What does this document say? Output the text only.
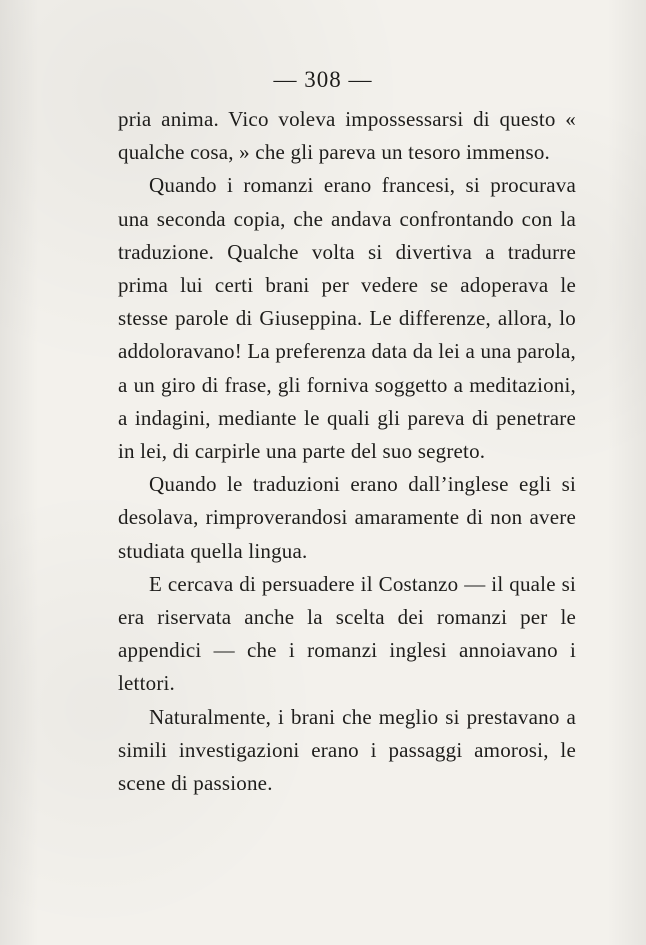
— 308 —

pria anima. Vico voleva impossessarsi di questo « qualche cosa, » che gli pareva un tesoro immenso.

Quando i romanzi erano francesi, si procurava una seconda copia, che andava confrontando con la traduzione. Qualche volta si divertiva a tradurre prima lui certi brani per vedere se adoperava le stesse parole di Giuseppina. Le differenze, allora, lo addoloravano! La preferenza data da lei a una parola, a un giro di frase, gli forniva soggetto a meditazioni, a indagini, mediante le quali gli pareva di penetrare in lei, di carpirle una parte del suo segreto.

Quando le traduzioni erano dall’inglese egli si desolava, rimproverandosi amaramente di non avere studiata quella lingua.

E cercava di persuadere il Costanzo — il quale si era riservata anche la scelta dei romanzi per le appendici — che i romanzi inglesi annoiavano i lettori.

Naturalmente, i brani che meglio si prestavano a simili investigazioni erano i passaggi amorosi, le scene di passione.
